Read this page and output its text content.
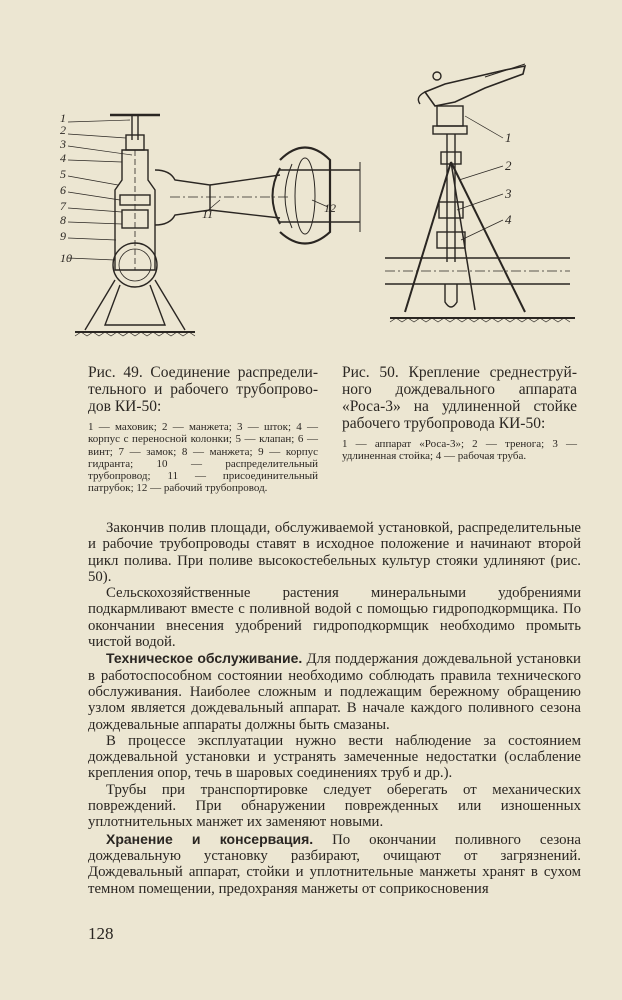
1
2
3
4
5
6
7
8
9
10
11	12
1
2
3
4
Рис. 49. Соединение распредели-тельного и рабочего трубопрово-дов КИ-50:
1 — маховик; 2 — манжета; 3 — шток; 4 — корпус с переносной колонки; 5 — клапан; 6 — винт; 7 — замок; 8 — манжета; 9 — корпус гидранта; 10 — распределительный трубопровод; 11 — присоединительный патрубок; 12 — рабочий трубопровод.
Рис. 50. Крепление среднеструй-ного дождевального аппарата «Роса-3» на удлиненной стойке рабочего трубопровода КИ-50:
1 — аппарат «Роса-3»; 2 — тренога; 3 — удлиненная стойка; 4 — рабочая труба.

Закончив полив площади, обслуживаемой установкой, распределительные и рабочие трубопроводы ставят в исходное положение и начинают второй цикл полива. При поливе высокостебельных культур стояки удлиняют (рис. 50).

Сельскохозяйственные растения минеральными удобрениями подкармливают вместе с поливной водой с помощью гидроподкормщика. По окончании внесения удобрений гидроподкормщик необходимо промыть чистой водой.

Техническое обслуживание. Для поддержания дождевальной установки в работоспособном состоянии необходимо соблюдать правила технического обслуживания. Наиболее сложным и подлежащим бережному обращению узлом является дождевальный аппарат. В начале каждого поливного сезона дождевальные аппараты должны быть смазаны.

В процессе эксплуатации нужно вести наблюдение за состоянием дождевальной установки и устранять замеченные недостатки (ослабление крепления опор, течь в шаровых соединениях труб и др.).

Трубы при транспортировке следует оберегать от механических повреждений. При обнаружении поврежденных или изношенных уплотнительных манжет их заменяют новыми.

Хранение и консервация. По окончании поливного сезона дождевальную установку разбирают, очищают от загрязнений. Дождевальный аппарат, стойки и уплотнительные манжеты хранят в сухом темном помещении, предохраняя манжеты от соприкосновения

128
